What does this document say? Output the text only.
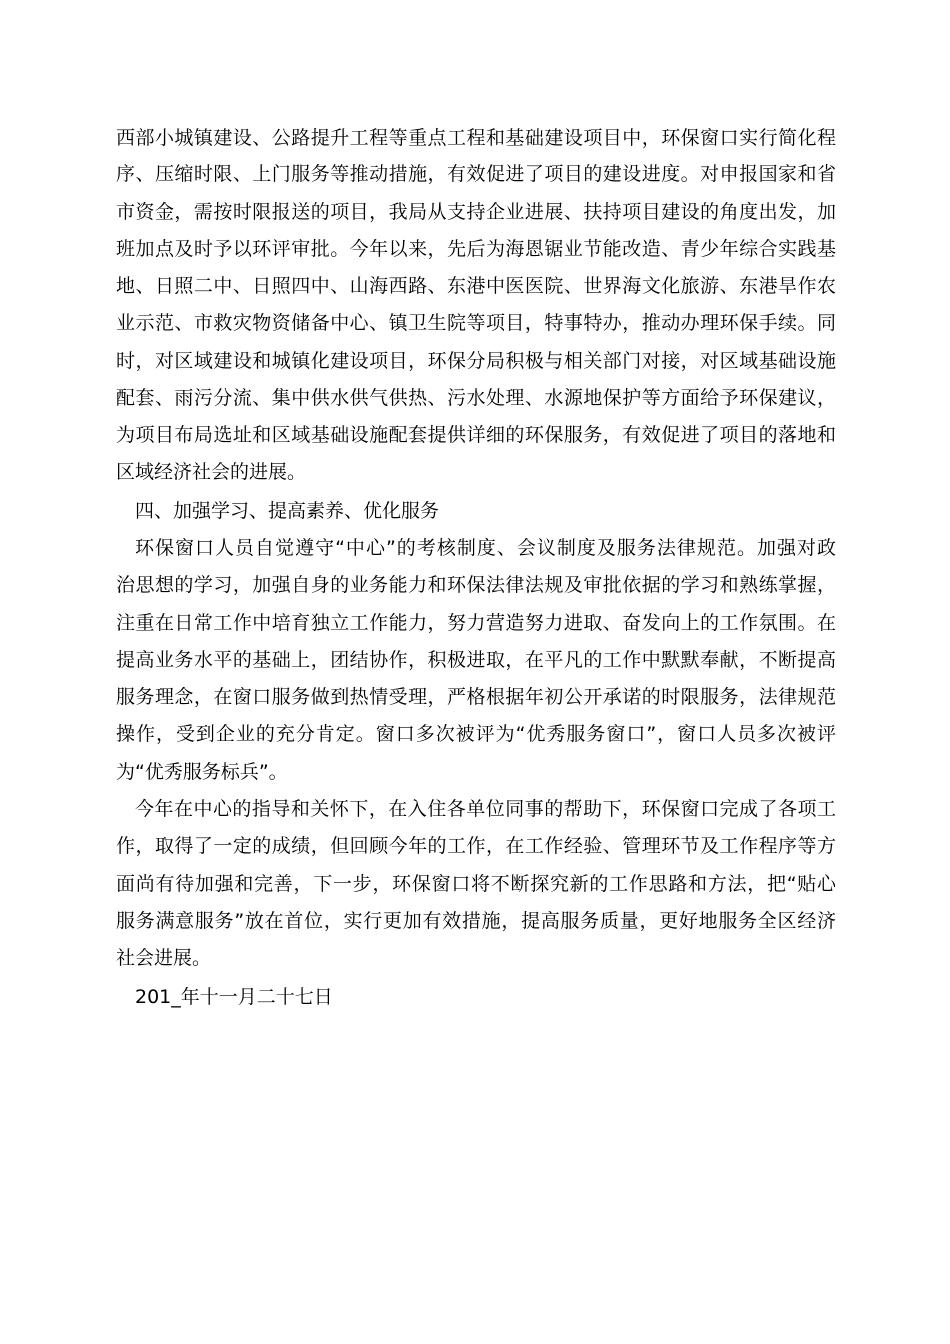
西部小城镇建设、公路提升工程等重点工程和基础建设项目中，环保窗口实行简化程
序、压缩时限、上门服务等推动措施，有效促进了项目的建设进度。对申报国家和省
市资金，需按时限报送的项目，我局从支持企业进展、扶持项目建设的角度出发，加
班加点及时予以环评审批。今年以来，先后为海恩锯业节能改造、青少年综合实践基
地、日照二中、日照四中、山海西路、东港中医医院、世界海文化旅游、东港旱作农
业示范、市救灾物资储备中心、镇卫生院等项目，特事特办，推动办理环保手续。同
时，对区域建设和城镇化建设项目，环保分局积极与相关部门对接，对区域基础设施
配套、雨污分流、集中供水供气供热、污水处理、水源地保护等方面给予环保建议，
为项目布局选址和区域基础设施配套提供详细的环保服务，有效促进了项目的落地和
区域经济社会的进展。
四、加强学习、提高素养、优化服务
环保窗口人员自觉遵守“中心”的考核制度、会议制度及服务法律规范。加强对政
治思想的学习，加强自身的业务能力和环保法律法规及审批依据的学习和熟练掌握，
注重在日常工作中培育独立工作能力，努力营造努力进取、奋发向上的工作氛围。在
提高业务水平的基础上，团结协作，积极进取，在平凡的工作中默默奉献，不断提高
服务理念，在窗口服务做到热情受理，严格根据年初公开承诺的时限服务，法律规范
操作，受到企业的充分肯定。窗口多次被评为“优秀服务窗口”，窗口人员多次被评
为“优秀服务标兵”。
今年在中心的指导和关怀下，在入住各单位同事的帮助下，环保窗口完成了各项工
作，取得了一定的成绩，但回顾今年的工作，在工作经验、管理环节及工作程序等方
面尚有待加强和完善，下一步，环保窗口将不断探究新的工作思路和方法，把“贴心
服务满意服务”放在首位，实行更加有效措施，提高服务质量，更好地服务全区经济
社会进展。
201_年十一月二十七日
